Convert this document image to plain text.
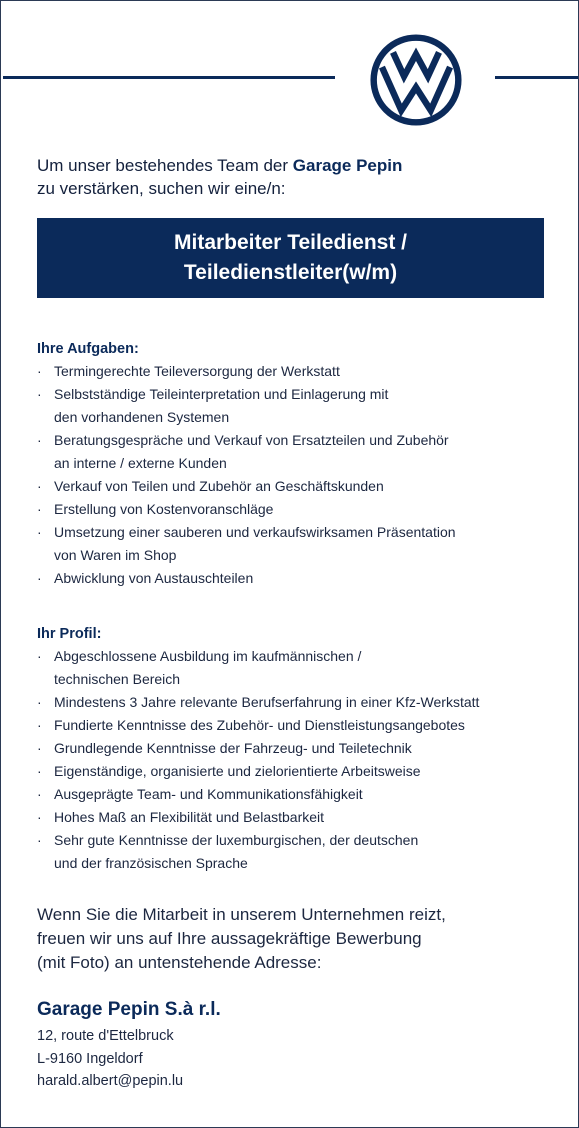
Um unser bestehendes Team der Garage Pepin
zu verstärken, suchen wir eine/n:
Mitarbeiter Teiledienst /
Teiledienstleiter(w/m)
Ihre Aufgaben:
· Termingerechte Teileversorgung der Werkstatt
· Selbstständige Teileinterpretation und Einlagerung mit
den vorhandenen Systemen
· Beratungsgespräche und Verkauf von Ersatzteilen und Zubehör
an interne / externe Kunden
· Verkauf von Teilen und Zubehör an Geschäftskunden
· Erstellung von Kostenvoranschläge
· Umsetzung einer sauberen und verkaufswirksamen Präsentation
von Waren im Shop
· Abwicklung von Austauschteilen
Ihr Profil:
· Abgeschlossene Ausbildung im kaufmännischen /
technischen Bereich
· Mindestens 3 Jahre relevante Berufserfahrung in einer Kfz-Werkstatt
· Fundierte Kenntnisse des Zubehör- und Dienstleistungsangebotes
· Grundlegende Kenntnisse der Fahrzeug- und Teiletechnik
· Eigenständige, organisierte und zielorientierte Arbeitsweise
· Ausgeprägte Team- und Kommunikationsfähigkeit
· Hohes Maß an Flexibilität und Belastbarkeit
· Sehr gute Kenntnisse der luxemburgischen, der deutschen
und der französischen Sprache
Wenn Sie die Mitarbeit in unserem Unternehmen reizt,
freuen wir uns auf Ihre aussagekräftige Bewerbung
(mit Foto) an untenstehende Adresse:
Garage Pepin S.à r.l.
12, route d'Ettelbruck
L-9160 Ingeldorf
harald.albert@pepin.lu
